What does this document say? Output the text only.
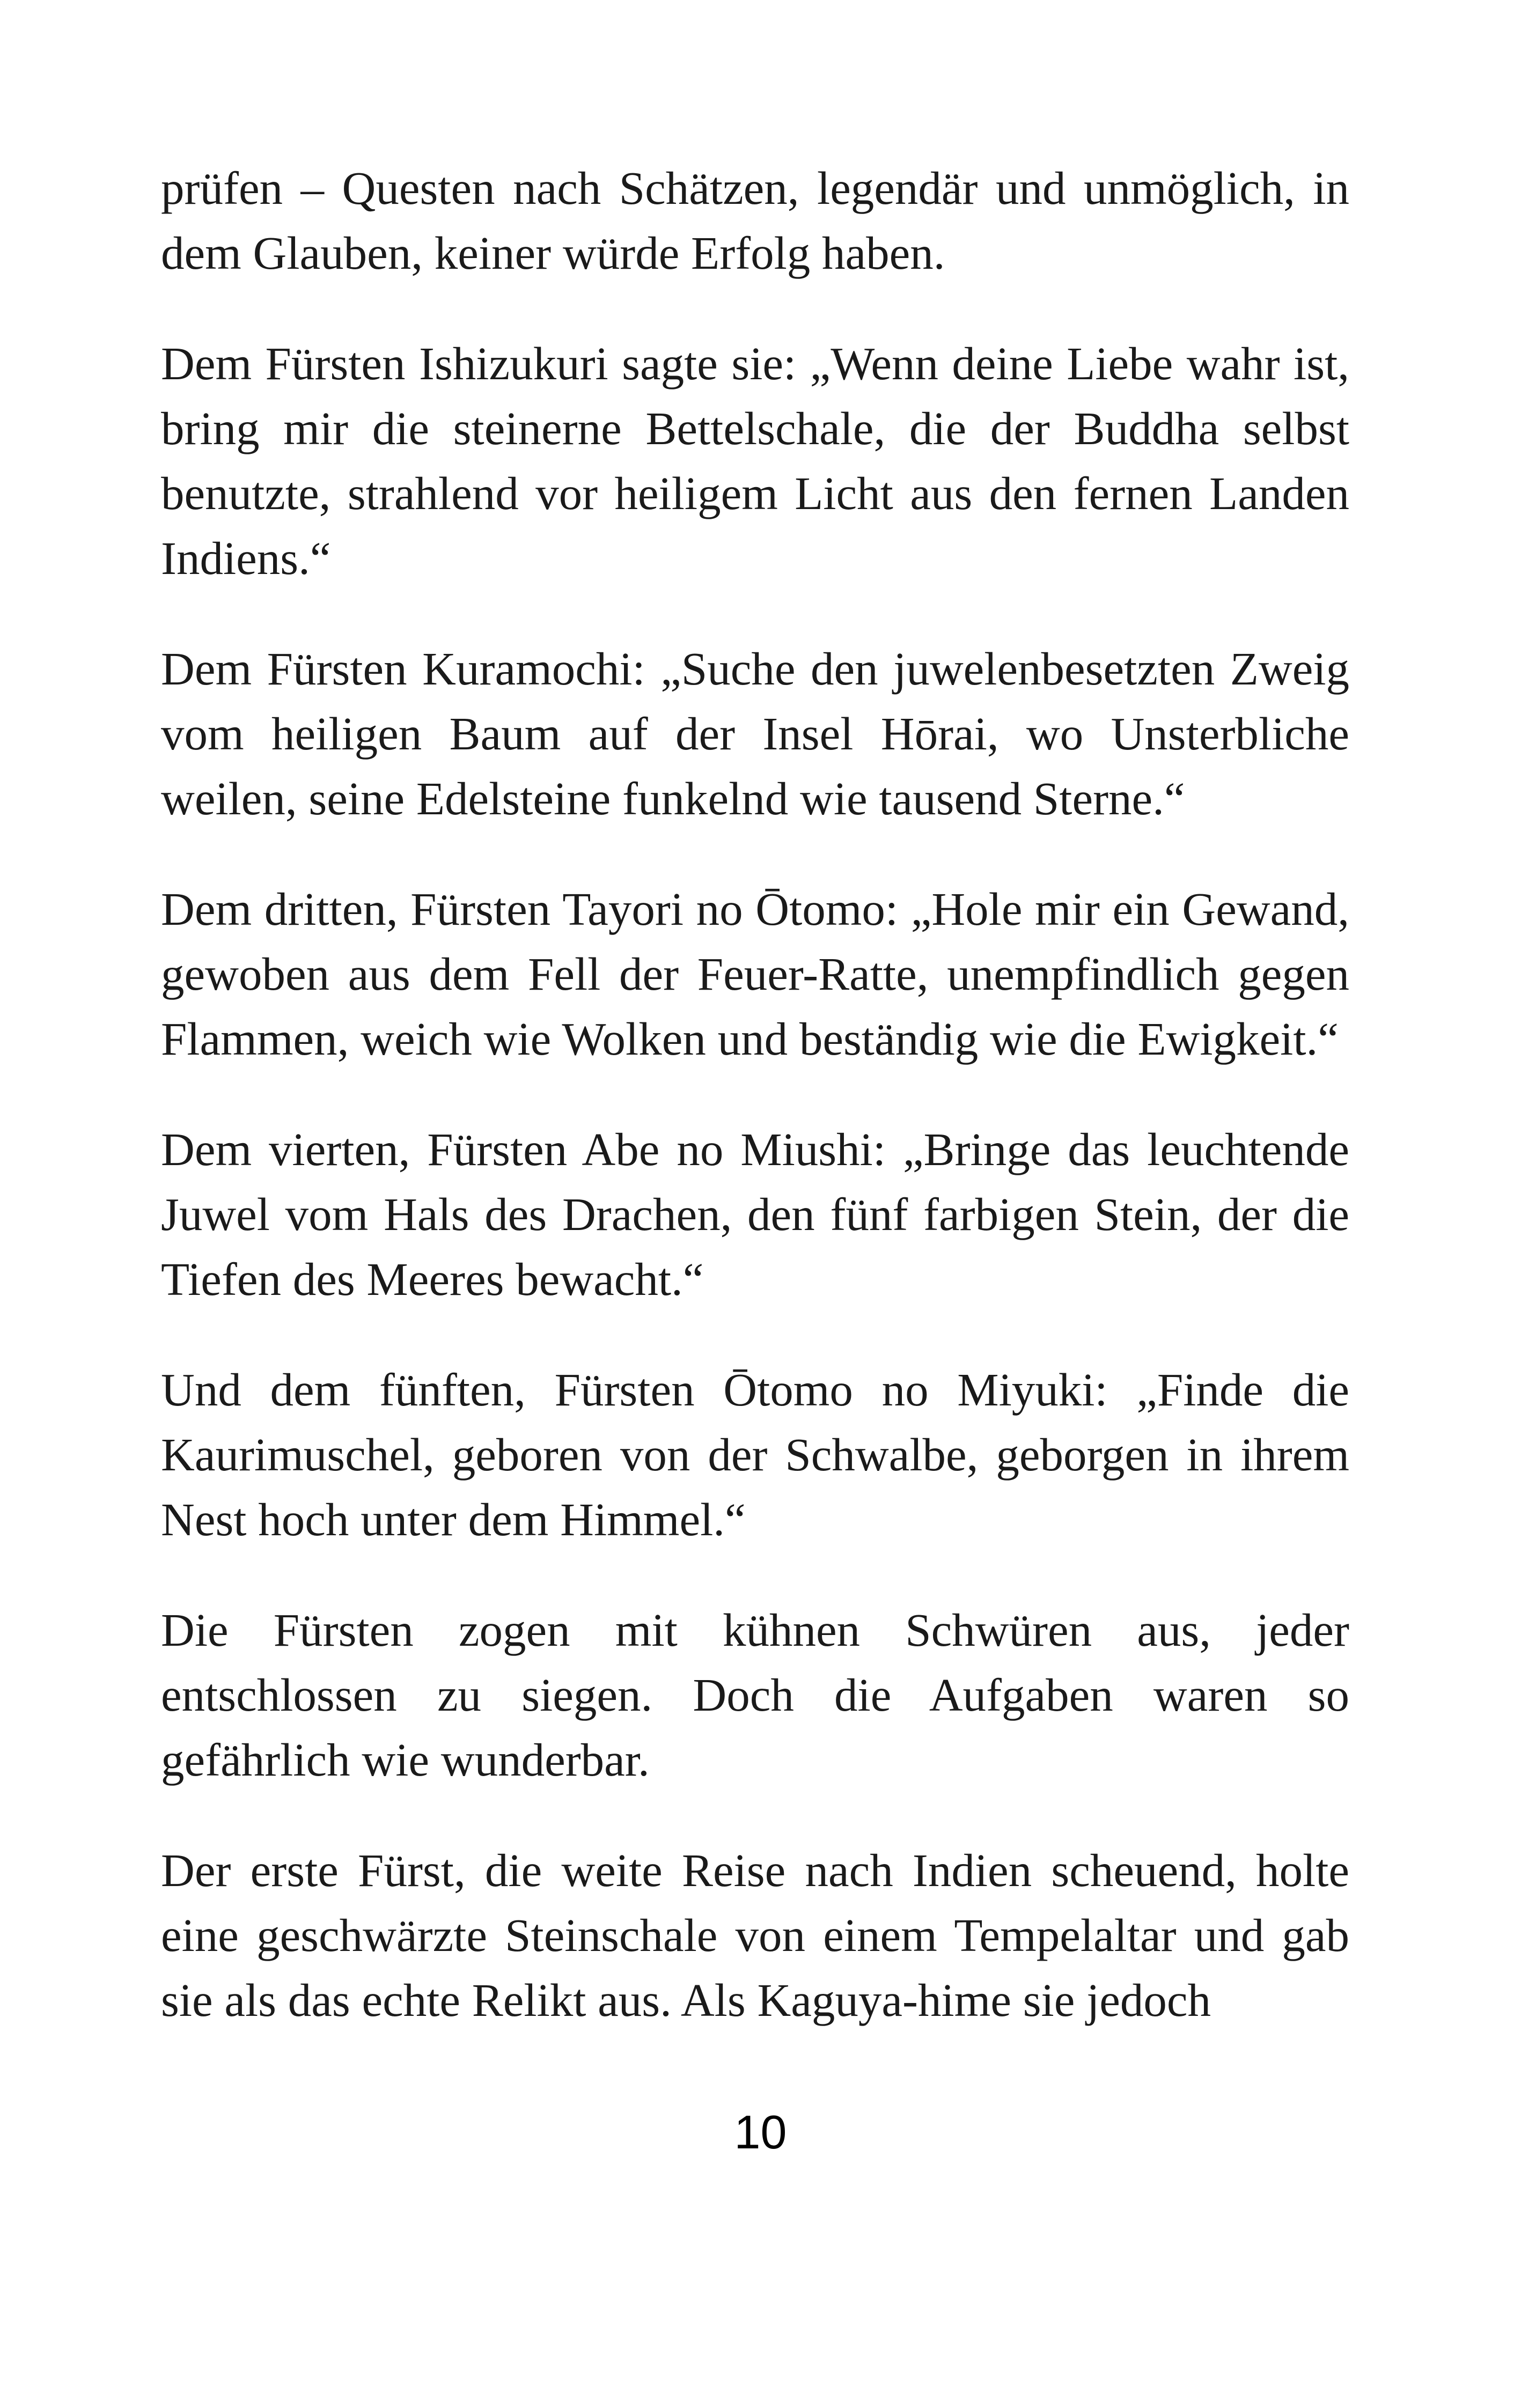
prüfen – Questen nach Schätzen, legendär und unmöglich, in dem Glauben, keiner würde Erfolg haben.

Dem Fürsten Ishizukuri sagte sie: „Wenn deine Liebe wahr ist, bring mir die steinerne Bettelschale, die der Buddha selbst benutzte, strahlend vor heiligem Licht aus den fernen Landen Indiens.“

Dem Fürsten Kuramochi: „Suche den juwelenbesetzten Zweig vom heiligen Baum auf der Insel Hōrai, wo Unsterbliche weilen, seine Edelsteine funkelnd wie tausend Sterne.“

Dem dritten, Fürsten Tayori no Ōtomo: „Hole mir ein Gewand, gewoben aus dem Fell der Feuer-Ratte, unempfindlich gegen Flammen, weich wie Wolken und beständig wie die Ewigkeit.“

Dem vierten, Fürsten Abe no Miushi: „Bringe das leuchtende Juwel vom Hals des Drachen, den fünf farbigen Stein, der die Tiefen des Meeres bewacht.“

Und dem fünften, Fürsten Ōtomo no Miyuki: „Finde die Kaurimuschel, geboren von der Schwalbe, geborgen in ihrem Nest hoch unter dem Himmel.“

Die Fürsten zogen mit kühnen Schwüren aus, jeder entschlossen zu siegen. Doch die Aufgaben waren so gefährlich wie wunderbar.

Der erste Fürst, die weite Reise nach Indien scheuend, holte eine geschwärzte Steinschale von einem Tempelaltar und gab sie als das echte Relikt aus. Als Kaguya-hime sie jedoch

10
